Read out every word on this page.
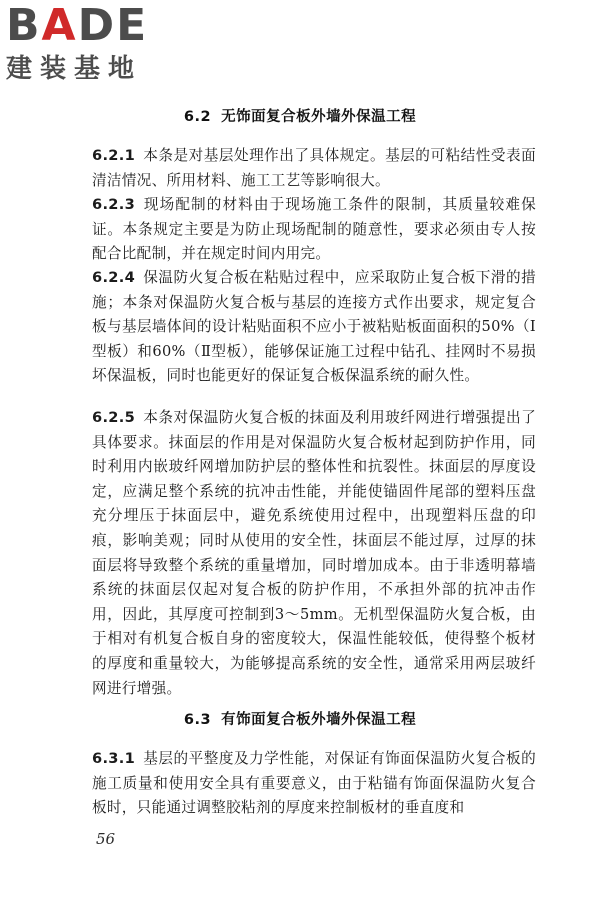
BADE
建装基地
6.2 无饰面复合板外墙外保温工程

6.2.1 本条是对基层处理作出了具体规定。基层的可粘结性受表面清洁情况、所用材料、施工工艺等影响很大。

6.2.3 现场配制的材料由于现场施工条件的限制，其质量较难保证。本条规定主要是为防止现场配制的随意性，要求必须由专人按配合比配制，并在规定时间内用完。

6.2.4 保温防火复合板在粘贴过程中，应采取防止复合板下滑的措施；本条对保温防火复合板与基层的连接方式作出要求，规定复合板与基层墙体间的设计粘贴面积不应小于被粘贴板面面积的50%（Ⅰ型板）和60%（Ⅱ型板），能够保证施工过程中钻孔、挂网时不易损坏保温板，同时也能更好的保证复合板保温系统的耐久性。

6.2.5 本条对保温防火复合板的抹面及利用玻纤网进行增强提出了具体要求。抹面层的作用是对保温防火复合板材起到防护作用，同时利用内嵌玻纤网增加防护层的整体性和抗裂性。抹面层的厚度设定，应满足整个系统的抗冲击性能，并能使锚固件尾部的塑料压盘充分埋压于抹面层中，避免系统使用过程中，出现塑料压盘的印痕，影响美观；同时从使用的安全性，抹面层不能过厚，过厚的抹面层将导致整个系统的重量增加，同时增加成本。由于非透明幕墙系统的抹面层仅起对复合板的防护作用，不承担外部的抗冲击作用，因此，其厚度可控制到3～5mm。无机型保温防火复合板，由于相对有机复合板自身的密度较大，保温性能较低，使得整个板材的厚度和重量较大，为能够提高系统的安全性，通常采用两层玻纤网进行增强。

6.3 有饰面复合板外墙外保温工程

6.3.1 基层的平整度及力学性能，对保证有饰面保温防火复合板的施工质量和使用安全具有重要意义，由于粘锚有饰面保温防火复合板时，只能通过调整胶粘剂的厚度来控制板材的垂直度和

56
